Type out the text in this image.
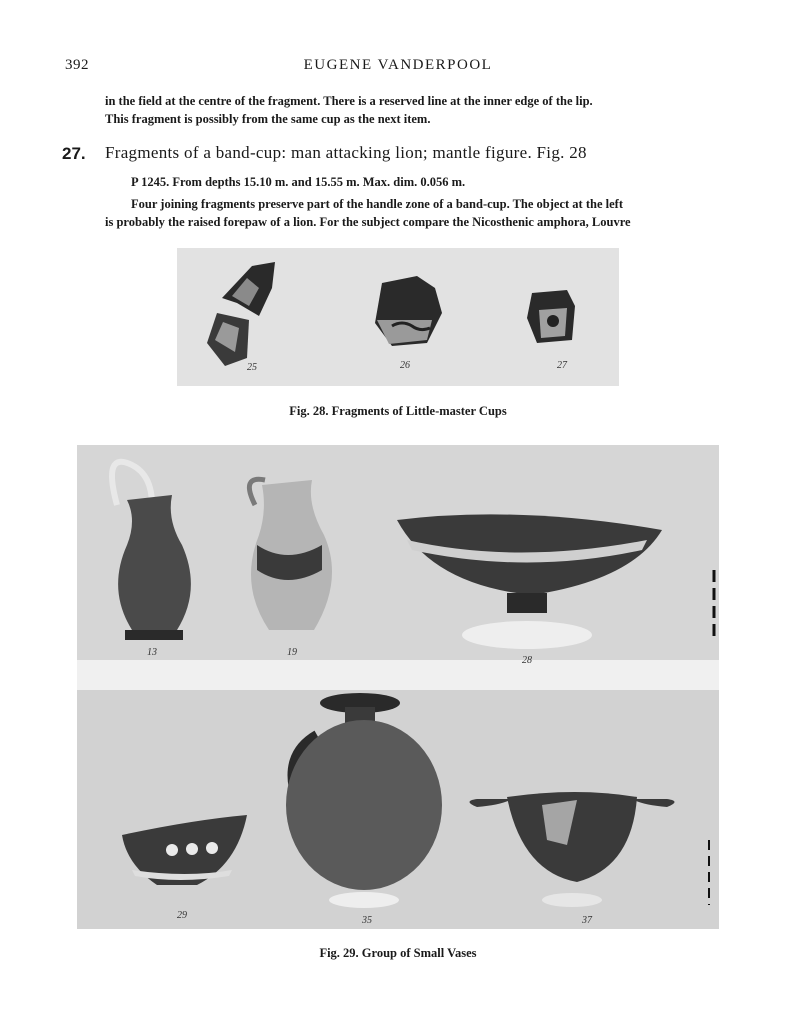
392	EUGENE VANDERPOOL
in the field at the centre of the fragment. There is a reserved line at the inner edge of the lip.
This fragment is possibly from the same cup as the next item.
27. Fragments of a band-cup: man attacking lion; mantle figure. Fig. 28
P 1245. From depths 15.10 m. and 15.55 m. Max. dim. 0.056 m.
Four joining fragments preserve part of the handle zone of a band-cup. The object at the left
is probably the raised forepaw of a lion. For the subject compare the Nicosthenic amphora, Louvre
25	26	27
Fig. 28. Fragments of Little-master Cups
13	19
28
29	35	37
Fig. 29. Group of Small Vases
